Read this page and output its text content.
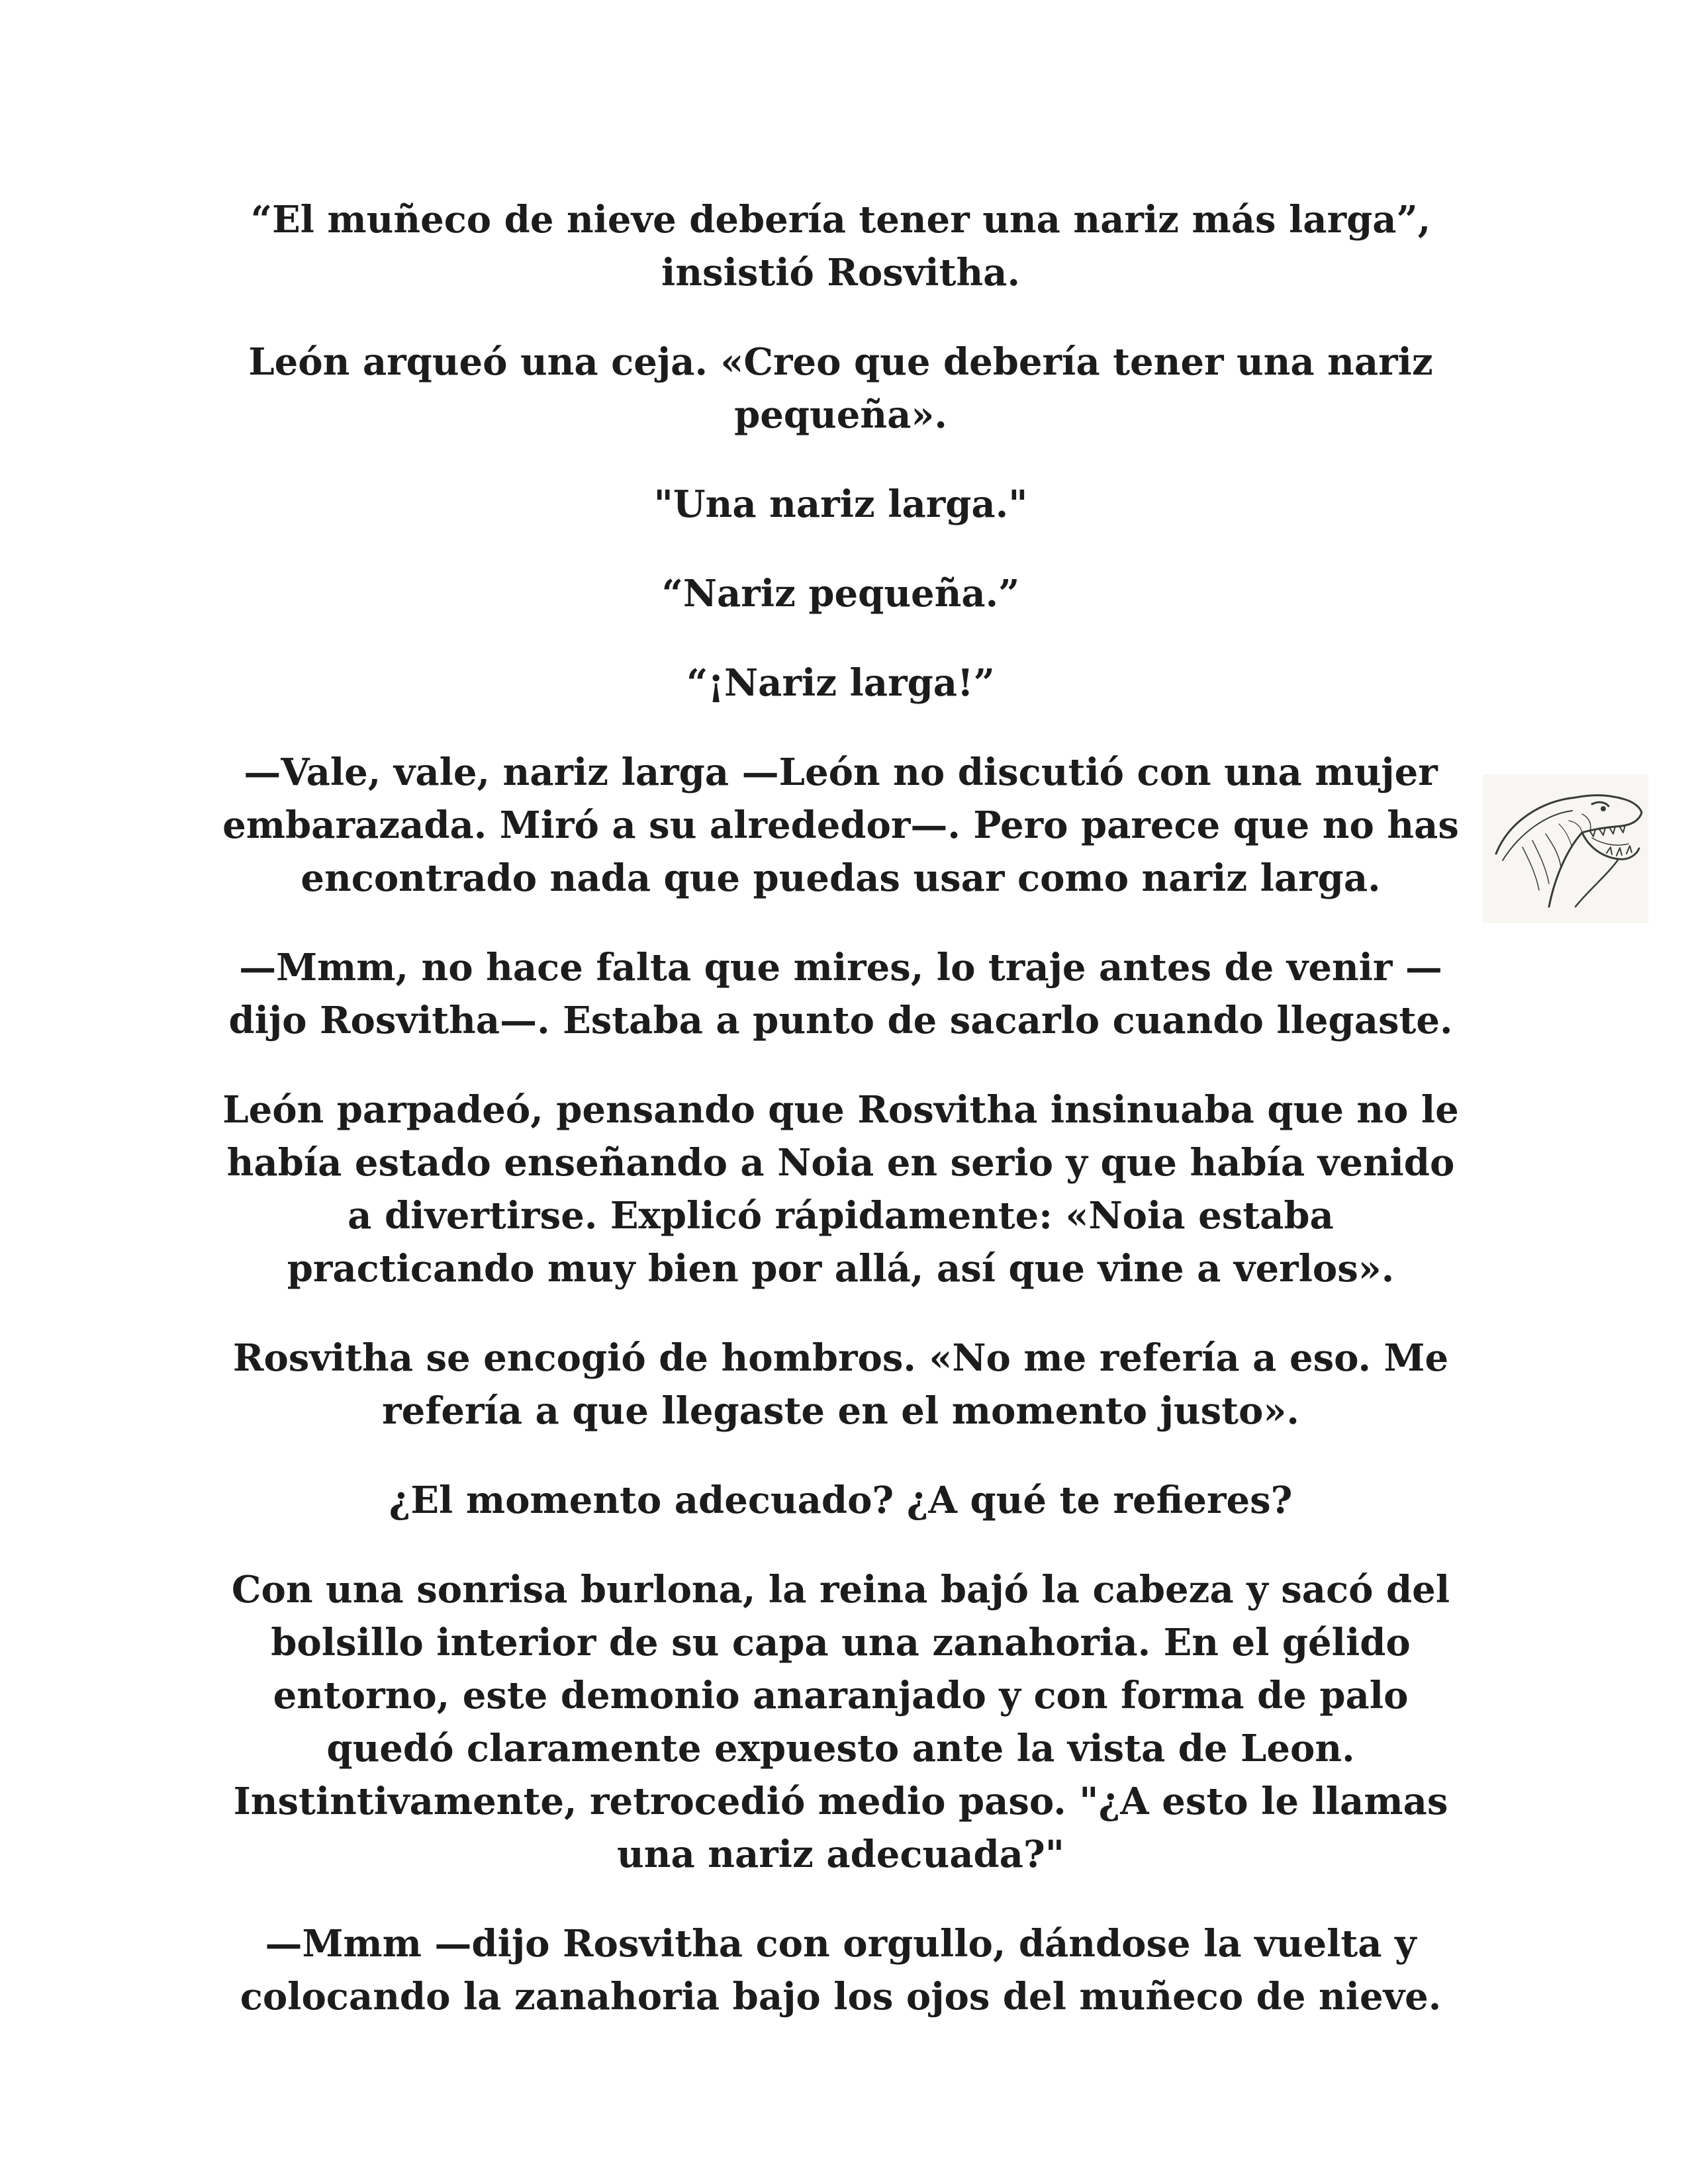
“El muñeco de nieve debería tener una nariz más larga”, insistió Rosvitha.

León arqueó una ceja. «Creo que debería tener una nariz pequeña».

"Una nariz larga."

“Nariz pequeña.”

“¡Nariz larga!”

—Vale, vale, nariz larga —León no discutió con una mujer embarazada. Miró a su alrededor—. Pero parece que no has encontrado nada que puedas usar como nariz larga.

—Mmm, no hace falta que mires, lo traje antes de venir —dijo Rosvitha—. Estaba a punto de sacarlo cuando llegaste.

León parpadeó, pensando que Rosvitha insinuaba que no le había estado enseñando a Noia en serio y que había venido a divertirse. Explicó rápidamente: «Noia estaba practicando muy bien por allá, así que vine a verlos».

Rosvitha se encogió de hombros. «No me refería a eso. Me refería a que llegaste en el momento justo».

¿El momento adecuado? ¿A qué te refieres?

Con una sonrisa burlona, la reina bajó la cabeza y sacó del bolsillo interior de su capa una zanahoria. En el gélido entorno, este demonio anaranjado y con forma de palo quedó claramente expuesto ante la vista de Leon. Instintivamente, retrocedió medio paso. "¿A esto le llamas una nariz adecuada?"

—Mmm —dijo Rosvitha con orgullo, dándose la vuelta y colocando la zanahoria bajo los ojos del muñeco de nieve.
